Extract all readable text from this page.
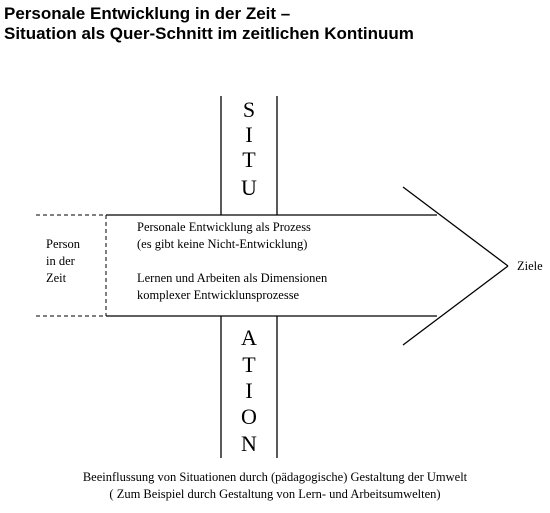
Personale Entwicklung in der Zeit –
Situation als Quer-Schnitt im zeitlichen Kontinuum
Person
in der
Zeit
Personale Entwicklung als Prozess
(es gibt keine Nicht-Entwicklung)
Lernen und Arbeiten als Dimensionen
komplexer Entwicklunsprozesse
Ziele
S
I
T
U
A
T
I
O
N

Beeinflussung von Situationen durch (pädagogische) Gestaltung der Umwelt

( Zum Beispiel durch Gestaltung von Lern- und Arbeitsumwelten)
